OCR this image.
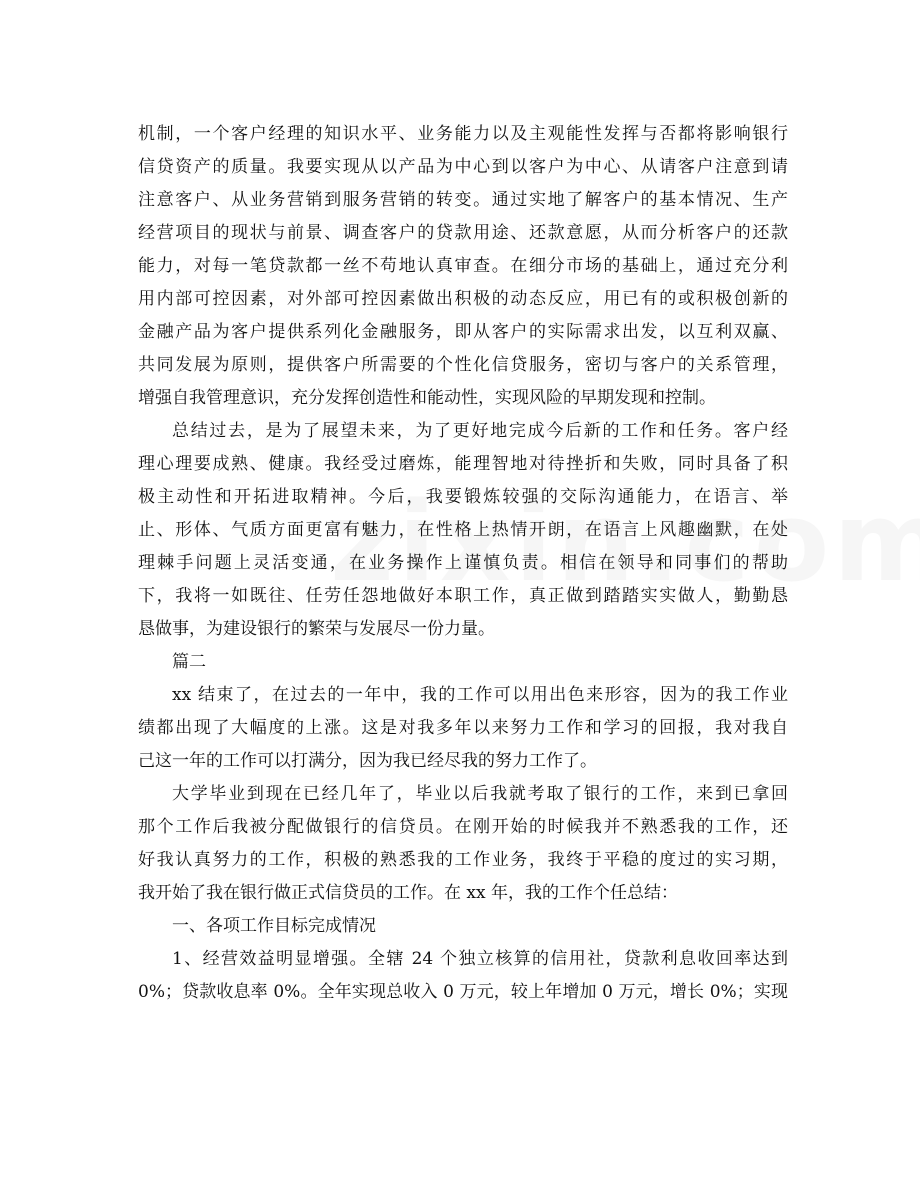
机制，一个客户经理的知识水平、业务能力以及主观能性发挥与否都将影响银行
信贷资产的质量。我要实现从以产品为中心到以客户为中心、从请客户注意到请
注意客户、从业务营销到服务营销的转变。通过实地了解客户的基本情况、生产
经营项目的现状与前景、调查客户的贷款用途、还款意愿，从而分析客户的还款
能力，对每一笔贷款都一丝不苟地认真审查。在细分市场的基础上，通过充分利
用内部可控因素，对外部可控因素做出积极的动态反应，用已有的或积极创新的
金融产品为客户提供系列化金融服务，即从客户的实际需求出发，以互利双赢、
共同发展为原则，提供客户所需要的个性化信贷服务，密切与客户的关系管理，
增强自我管理意识，充分发挥创造性和能动性，实现风险的早期发现和控制。
总结过去，是为了展望未来，为了更好地完成今后新的工作和任务。客户经
理心理要成熟、健康。我经受过磨炼，能理智地对待挫折和失败，同时具备了积
极主动性和开拓进取精神。今后，我要锻炼较强的交际沟通能力，在语言、举
止、形体、气质方面更富有魅力，在性格上热情开朗，在语言上风趣幽默，在处
理棘手问题上灵活变通，在业务操作上谨慎负责。相信在领导和同事们的帮助
下，我将一如既往、任劳任怨地做好本职工作，真正做到踏踏实实做人，勤勤恳
恳做事，为建设银行的繁荣与发展尽一份力量。
篇二
xx 结束了，在过去的一年中，我的工作可以用出色来形容，因为的我工作业
绩都出现了大幅度的上涨。这是对我多年以来努力工作和学习的回报，我对我自
己这一年的工作可以打满分，因为我已经尽我的努力工作了。
大学毕业到现在已经几年了，毕业以后我就考取了银行的工作，来到已拿回
那个工作后我被分配做银行的信贷员。在刚开始的时候我并不熟悉我的工作，还
好我认真努力的工作，积极的熟悉我的工作业务，我终于平稳的度过的实习期，
我开始了我在银行做正式信贷员的工作。在 xx 年，我的工作个任总结：
一、各项工作目标完成情况
1、经营效益明显增强。全辖 24 个独立核算的信用社，贷款利息收回率达到
0%；贷款收息率 0%。全年实现总收入 0 万元，较上年增加 0 万元，增长 0%；实现
